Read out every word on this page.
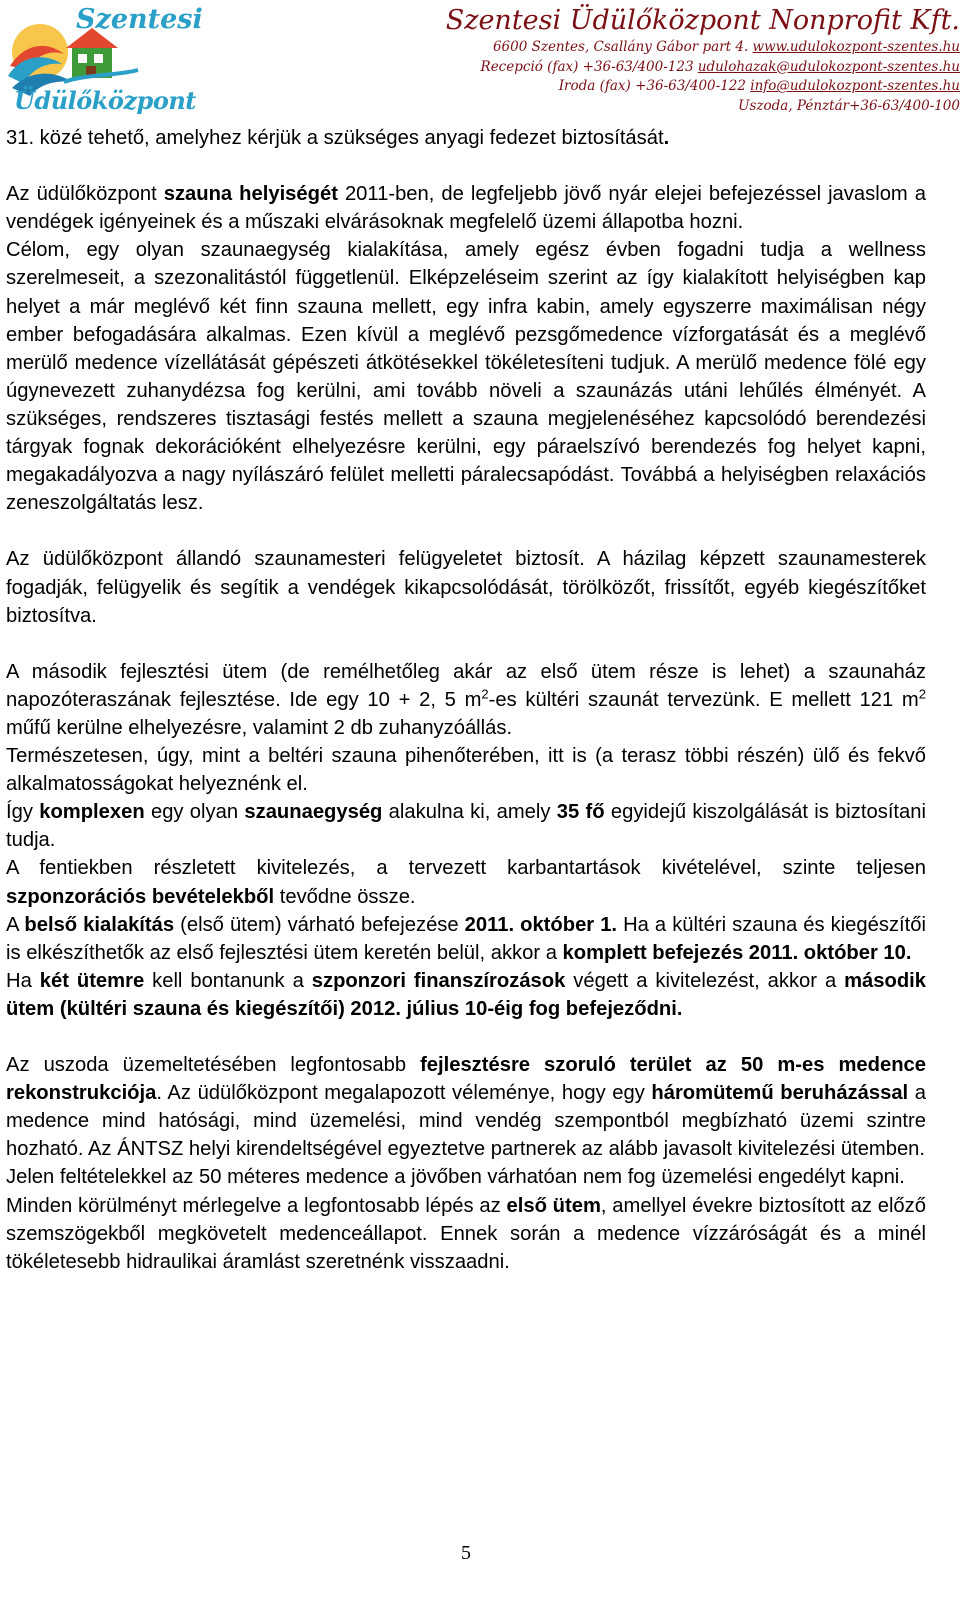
Szentesi
Üdülőközpont
Szentesi Üdülőközpont Nonprofit Kft.
6600 Szentes, Csallány Gábor part 4. www.udulokozpont-szentes.hu
Recepció (fax) +36-63/400-123 udulohazak@udulokozpont-szentes.hu
Iroda (fax) +36-63/400-122 info@udulokozpont-szentes.hu
Uszoda, Pénztár+36-63/400-100

31. közé tehető, amelyhez kérjük a szükséges anyagi fedezet biztosítását.

Az üdülőközpont szauna helyiségét 2011-ben, de legfeljebb jövő nyár elejei befejezéssel javaslom a vendégek igényeinek és a műszaki elvárásoknak megfelelő üzemi állapotba hozni.

Célom, egy olyan szaunaegység kialakítása, amely egész évben fogadni tudja a wellness szerelmeseit, a szezonalitástól függetlenül. Elképzeléseim szerint az így kialakított helyiségben kap helyet a már meglévő két finn szauna mellett, egy infra kabin, amely egyszerre maximálisan négy ember befogadására alkalmas. Ezen kívül a meglévő pezsgőmedence vízforgatását és a meglévő merülő medence vízellátását gépészeti átkötésekkel tökéletesíteni tudjuk. A merülő medence fölé egy úgynevezett zuhanydézsa fog kerülni, ami tovább növeli a szaunázás utáni lehűlés élményét. A szükséges, rendszeres tisztasági festés mellett a szauna megjelenéséhez kapcsolódó berendezési tárgyak fognak dekorációként elhelyezésre kerülni, egy páraelszívó berendezés fog helyet kapni, megakadályozva a nagy nyílászáró felület melletti páralecsapódást. Továbbá a helyiségben relaxációs zeneszolgáltatás lesz.

Az üdülőközpont állandó szaunamesteri felügyeletet biztosít. A házilag képzett szaunamesterek fogadják, felügyelik és segítik a vendégek kikapcsolódását, törölközőt, frissítőt, egyéb kiegészítőket biztosítva.

A második fejlesztési ütem (de remélhetőleg akár az első ütem része is lehet) a szaunaház napozóteraszának fejlesztése. Ide egy 10 + 2, 5 $m^2-es$ kültéri szaunát tervezünk. E mellett 121 $m^2$ műfű kerülne elhelyezésre, valamint 2 db zuhanyzóállás.

Természetesen, úgy, mint a beltéri szauna pihenőterében, itt is (a terasz többi részén) ülő és fekvő alkalmatosságokat helyeznénk el.

Így komplexen egy olyan szaunaegység alakulna ki, amely 35 fő egyidejű kiszolgálását is biztosítani tudja.

A fentiekben részletett kivitelezés, a tervezett karbantartások kivételével, szinte teljesen szponzorációs bevételekből tevődne össze.

A belső kialakítás (első ütem) várható befejezése 2011. október 1. Ha a kültéri szauna és kiegészítői is elkészíthetők az első fejlesztési ütem keretén belül, akkor a komplett befejezés 2011. október 10.

Ha két ütemre kell bontanunk a szponzori finanszírozások végett a kivitelezést, akkor a második ütem (kültéri szauna és kiegészítői) 2012. július 10-éig fog befejeződni.

Az uszoda üzemeltetésében legfontosabb fejlesztésre szoruló terület az 50 m-es medence rekonstrukciója. Az üdülőközpont megalapozott véleménye, hogy egy háromütemű beruházással a medence mind hatósági, mind üzemelési, mind vendég szempontból megbízható üzemi szintre hozható. Az ÁNTSZ helyi kirendeltségével egyeztetve partnerek az alább javasolt kivitelezési ütemben.

Jelen feltételekkel az 50 méteres medence a jövőben várhatóan nem fog üzemelési engedélyt kapni.

Minden körülményt mérlegelve a legfontosabb lépés az első ütem, amellyel évekre biztosított az előző szemszögekből megkövetelt medenceállapot. Ennek során a medence vízzáróságát és a minél tökéletesebb hidraulikai áramlást szeretnénk visszaadni.

5
